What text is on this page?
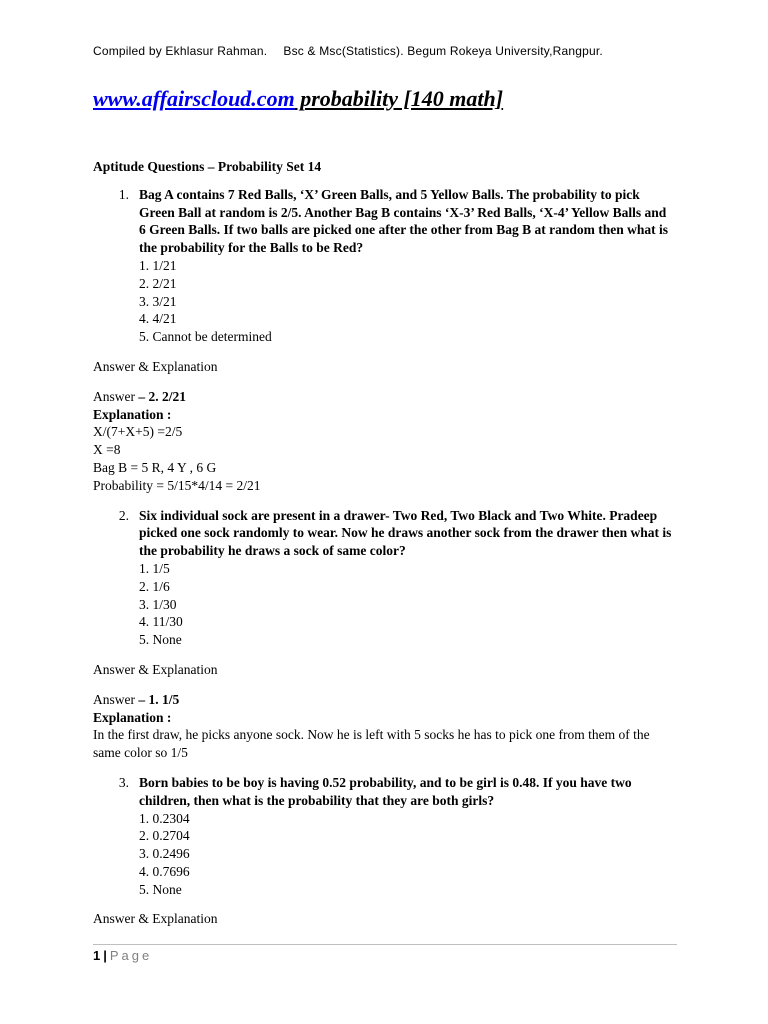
Compiled by Ekhlasur Rahman. Bsc & Msc(Statistics). Begum Rokeya University,Rangpur.
www.affairscloud.com probability [140 math]
Aptitude Questions – Probability Set 14
1. Bag A contains 7 Red Balls, ‘X’ Green Balls, and 5 Yellow Balls. The probability to pick Green Ball at random is 2/5. Another Bag B contains ‘X-3’ Red Balls, ‘X-4’ Yellow Balls and 6 Green Balls. If two balls are picked one after the other from Bag B at random then what is the probability for the Balls to be Red?
1. 1/21
2. 2/21
3. 3/21
4. 4/21
5. Cannot be determined
Answer & Explanation
Answer – 2. 2/21
Explanation :
X/(7+X+5) =2/5
X =8
Bag B = 5 R, 4 Y , 6 G
Probability = 5/15*4/14 = 2/21
2. Six individual sock are present in a drawer- Two Red, Two Black and Two White. Pradeep picked one sock randomly to wear. Now he draws another sock from the drawer then what is the probability he draws a sock of same color?
1. 1/5
2. 1/6
3. 1/30
4. 11/30
5. None
Answer & Explanation
Answer – 1. 1/5
Explanation :
In the first draw, he picks anyone sock. Now he is left with 5 socks he has to pick one from them of the same color so 1/5
3. Born babies to be boy is having 0.52 probability, and to be girl is 0.48. If you have two children, then what is the probability that they are both girls?
1. 0.2304
2. 0.2704
3. 0.2496
4. 0.7696
5. None
Answer & Explanation
1 | Page
